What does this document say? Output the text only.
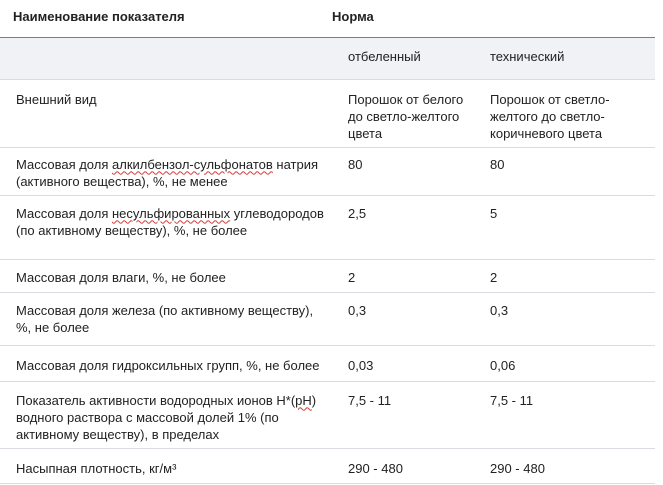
Наименование показателя	Норма	
	отбеленный	технический
Внешний вид	Порошок от белого до светло-желтого цвета	Порошок от светло-желтого до светло-коричневого цвета
Массовая доля алкилбензол-сульфонатов натрия (активного вещества), %, не менее	80	80
Массовая доля несульфированных углеводородов (по активному веществу), %, не более	2,5	5
Массовая доля влаги, %, не более	2	2
Массовая доля железа (по активному веществу), %, не более	0,3	0,3
Массовая доля гидроксильных групп, %, не более	0,03	0,06
Показатель активности водородных ионов Н*(рН) водного раствора с массовой долей 1% (по активному веществу), в пределах	7,5 - 11	7,5 - 11
Насыпная плотность, кг/м³	290 - 480	290 - 480
